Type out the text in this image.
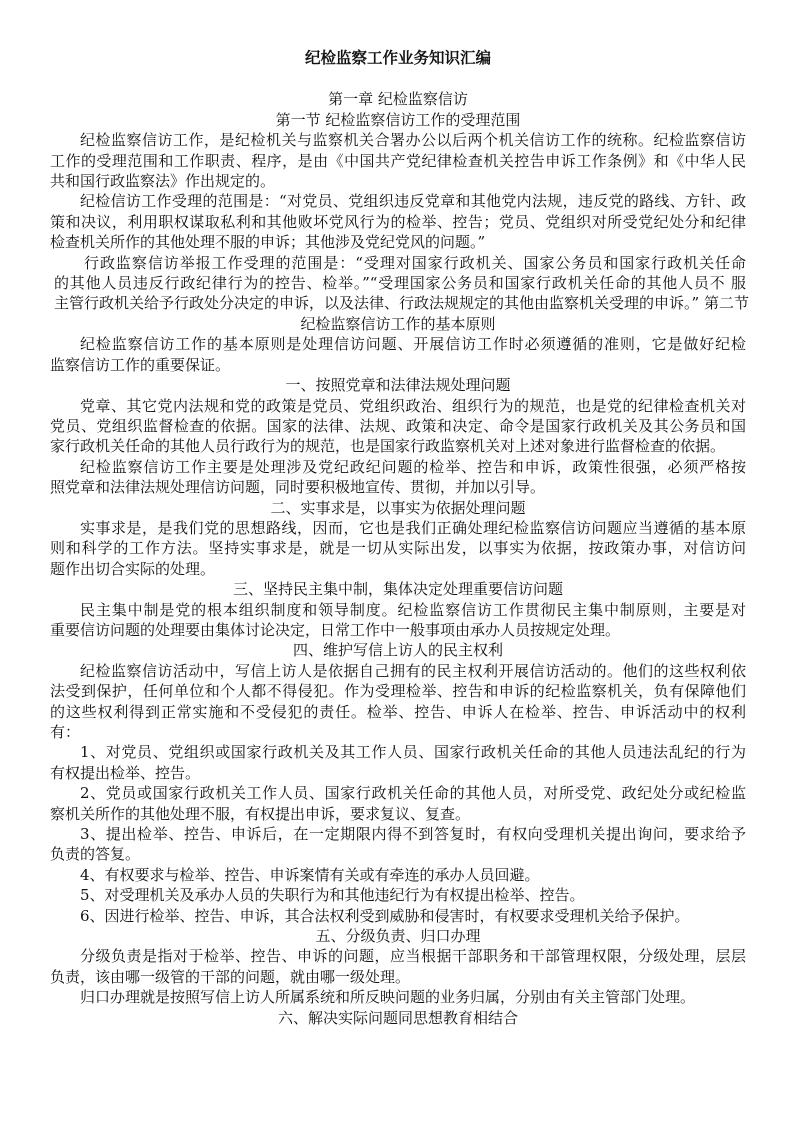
纪检监察工作业务知识汇编
第一章 纪检监察信访
第一节 纪检监察信访工作的受理范围
纪检监察信访工作，是纪检机关与监察机关合署办公以后两个机关信访工作的统称。纪检监察信访
工作的受理范围和工作职责、程序，是由《中国共产党纪律检查机关控告申诉工作条例》和《中华人民
共和国行政监察法》作出规定的。
纪检信访工作受理的范围是：“对党员、党组织违反党章和其他党内法规，违反党的路线、方针、政
策和决议，利用职权谋取私利和其他败坏党风行为的检举、控告；党员、党组织对所受党纪处分和纪律
检查机关所作的其他处理不服的申诉；其他涉及党纪党风的问题。”
行政监察信访举报工作受理的范围是：“受理对国家行政机关、国家公务员和国家行政机关任命
的其他人员违反行政纪律行为的控告、检举。”“受理国家公务员和国家行政机关任命的其他人员不 服
主管行政机关给予行政处分决定的申诉，以及法律、行政法规规定的其他由监察机关受理的申诉。” 第二节
纪检监察信访工作的基本原则
纪检监察信访工作的基本原则是处理信访问题、开展信访工作时必须遵循的准则，它是做好纪检
监察信访工作的重要保证。
一、按照党章和法律法规处理问题
党章、其它党内法规和党的政策是党员、党组织政治、组织行为的规范，也是党的纪律检查机关对
党员、党组织监督检查的依据。国家的法律、法规、政策和决定、命令是国家行政机关及其公务员和国
家行政机关任命的其他人员行政行为的规范，也是国家行政监察机关对上述对象进行监督检查的依据。
纪检监察信访工作主要是处理涉及党纪政纪问题的检举、控告和申诉，政策性很强，必须严格按
照党章和法律法规处理信访问题，同时要积极地宣传、贯彻，并加以引导。
二、实事求是，以事实为依据处理问题
实事求是，是我们党的思想路线，因而，它也是我们正确处理纪检监察信访问题应当遵循的基本原
则和科学的工作方法。坚持实事求是，就是一切从实际出发，以事实为依据，按政策办事，对信访问
题作出切合实际的处理。
三、坚持民主集中制，集体决定处理重要信访问题
民主集中制是党的根本组织制度和领导制度。纪检监察信访工作贯彻民主集中制原则，主要是对
重要信访问题的处理要由集体讨论决定，日常工作中一般事项由承办人员按规定处理。
四、维护写信上访人的民主权利
纪检监察信访活动中，写信上访人是依据自己拥有的民主权利开展信访活动的。他们的这些权利依
法受到保护，任何单位和个人都不得侵犯。作为受理检举、控告和申诉的纪检监察机关，负有保障他们
的这些权利得到正常实施和不受侵犯的责任。检举、控告、申诉人在检举、控告、申诉活动中的权利
有：
1、对党员、党组织或国家行政机关及其工作人员、国家行政机关任命的其他人员违法乱纪的行为
有权提出检举、控告。
2、党员或国家行政机关工作人员、国家行政机关任命的其他人员，对所受党、政纪处分或纪检监
察机关所作的其他处理不服，有权提出申诉，要求复议、复查。
3、提出检举、控告、申诉后，在一定期限内得不到答复时，有权向受理机关提出询问，要求给予
负责的答复。
4、有权要求与检举、控告、申诉案情有关或有牵连的承办人员回避。
5、对受理机关及承办人员的失职行为和其他违纪行为有权提出检举、控告。
6、因进行检举、控告、申诉，其合法权利受到威胁和侵害时，有权要求受理机关给予保护。
五、分级负责、归口办理
分级负责是指对于检举、控告、申诉的问题，应当根据干部职务和干部管理权限，分级处理，层层
负责，该由哪一级管的干部的问题，就由哪一级处理。
归口办理就是按照写信上访人所属系统和所反映问题的业务归属，分别由有关主管部门处理。
六、解决实际问题同思想教育相结合
